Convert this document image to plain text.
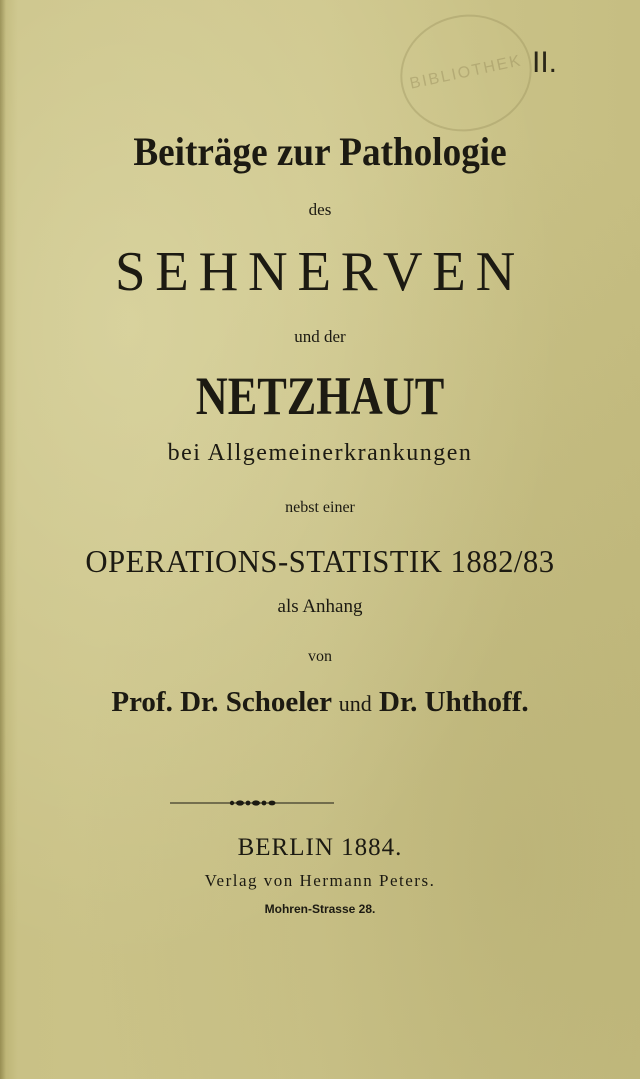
BIBLIOTHEK II.
Beiträge zur Pathologie
des
SEHNERVEN
und der
NETZHAUT
bei Allgemeinerkrankungen
nebst einer
OPERATIONS-STATISTIK 1882/83
als Anhang
von
Prof. Dr. Schoeler und Dr. Uhthoff.
BERLIN 1884.
Verlag von Hermann Peters.
Mohren-Strasse 28.
